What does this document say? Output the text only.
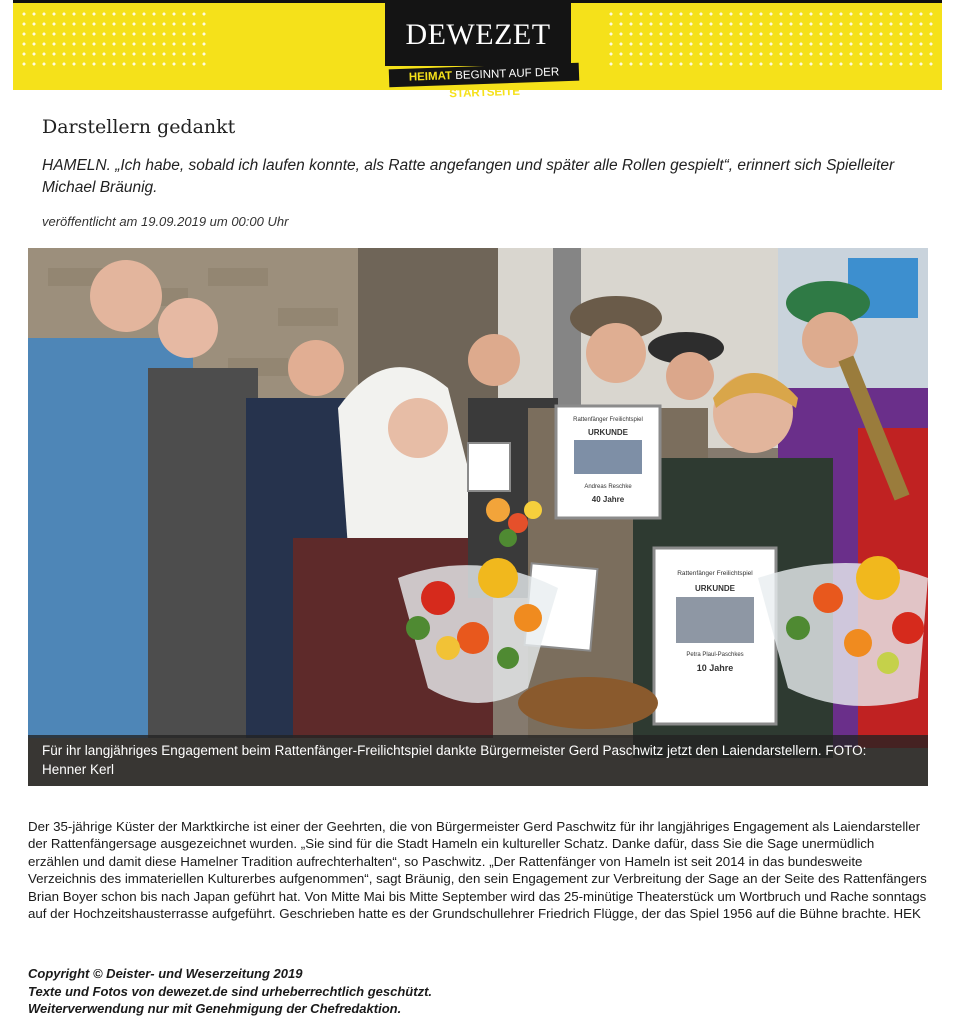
DEWEZET
HEIMAT BEGINNT AUF DER STARTSEITE
Darstellern gedankt

HAMELN. „Ich habe, sobald ich laufen konnte, als Ratte angefangen und später alle Rollen gespielt“, erinnert sich Spielleiter Michael Bräunig.

veröffentlicht am 19.09.2019 um 00:00 Uhr

Rattenfänger Freilichtspiel
URKUNDE
Andreas Reschke
40 Jahre
Rattenfänger Freilichtspiel
URKUNDE
Petra Plaul-Paschkes
10 Jahre
Für ihr langjähriges Engagement beim Rattenfänger-Freilichtspiel dankte Bürgermeister Gerd Paschwitz jetzt den Laiendarstellern. FOTO: Henner Kerl

Der 35-jährige Küster der Marktkirche ist einer der Geehrten, die von Bürgermeister Gerd Paschwitz für ihr langjähriges Engagement als Laiendarsteller der Rattenfängersage ausgezeichnet wurden. „Sie sind für die Stadt Hameln ein kultureller Schatz. Danke dafür, dass Sie die Sage unermüdlich erzählen und damit diese Hamelner Tradition aufrechterhalten“, so Paschwitz. „Der Rattenfänger von Hameln ist seit 2014 in das bundesweite Verzeichnis des immateriellen Kulturerbes aufgenommen“, sagt Bräunig, den sein Engagement zur Verbreitung der Sage an der Seite des Rattenfängers Brian Boyer schon bis nach Japan geführt hat. Von Mitte Mai bis Mitte September wird das 25-minütige Theaterstück um Wortbruch und Rache sonntags auf der Hochzeitshausterrasse aufgeführt. Geschrieben hatte es der Grundschullehrer Friedrich Flügge, der das Spiel 1956 auf die Bühne brachte. HEK

Copyright © Deister- und Weserzeitung 2019
Texte und Fotos von dewezet.de sind urheberrechtlich geschützt.
Weiterverwendung nur mit Genehmigung der Chefredaktion.
